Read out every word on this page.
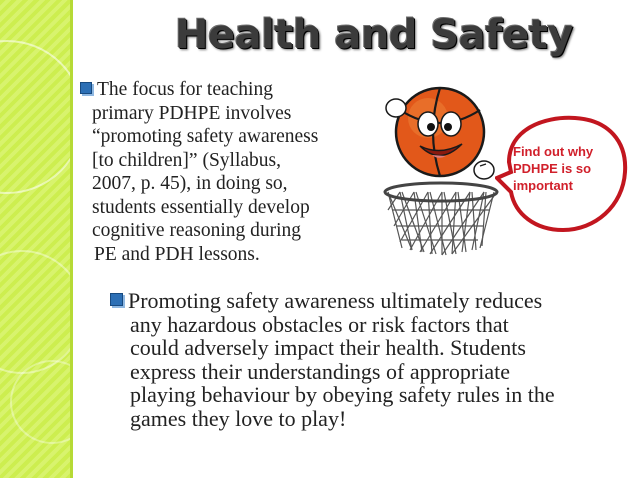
Health and Safety
The focus for teaching
primary PDHPE involves
“promoting safety awareness
[to children]” (Syllabus,
2007, p. 45), in doing so,
students essentially develop
cognitive reasoning during
PE and PDH lessons.
Promoting safety awareness ultimately reduces
any hazardous obstacles or risk factors that
could adversely impact their health. Students
express their understandings of appropriate
playing behaviour by obeying safety rules in the
games they love to play!
Find out why
PDHPE is so
important
